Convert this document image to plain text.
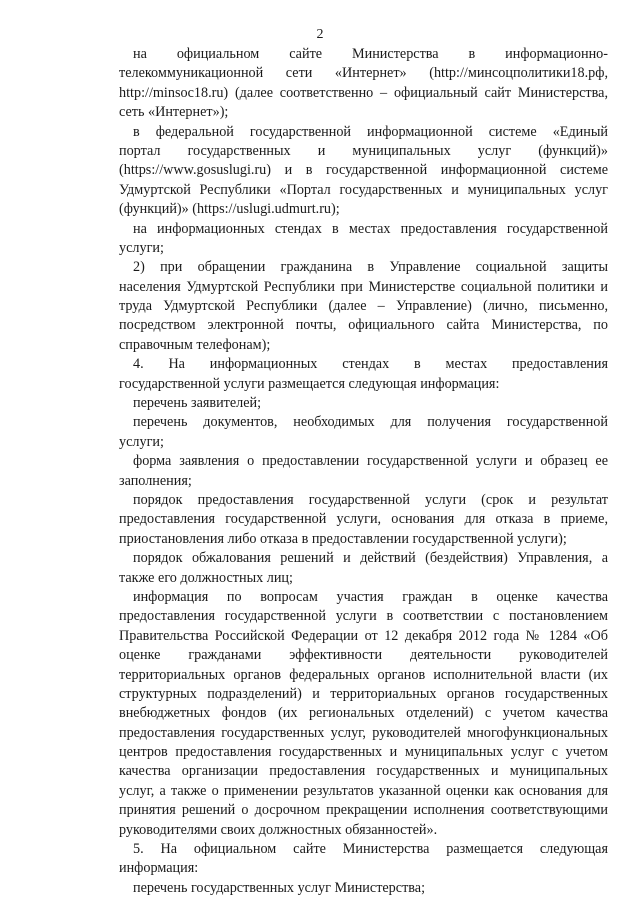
2
на официальном сайте Министерства в информационно-
телекоммуникационной сети «Интернет» (http://минсоцполитики18.рф,
http://minsoc18.ru) (далее соответственно – официальный сайт Министерства,
сеть «Интернет»);
в федеральной государственной информационной системе «Единый
портал государственных и муниципальных услуг (функций)»
(https://www.gosuslugi.ru) и в государственной информационной системе
Удмуртской Республики «Портал государственных и муниципальных услуг
(функций)» (https://uslugi.udmurt.ru);
на информационных стендах в местах предоставления государственной
услуги;
2) при обращении гражданина в Управление социальной защиты
населения Удмуртской Республики при Министерстве социальной политики и
труда Удмуртской Республики (далее – Управление) (лично, письменно,
посредством электронной почты, официального сайта Министерства, по
справочным телефонам);
4. На информационных стендах в местах предоставления
государственной услуги размещается следующая информация:
перечень заявителей;
перечень документов, необходимых для получения государственной
услуги;
форма заявления о предоставлении государственной услуги и образец ее
заполнения;
порядок предоставления государственной услуги (срок и результат
предоставления государственной услуги, основания для отказа в приеме,
приостановления либо отказа в предоставлении государственной услуги);
порядок обжалования решений и действий (бездействия) Управления, а
также его должностных лиц;
информация по вопросам участия граждан в оценке качества
предоставления государственной услуги в соответствии с постановлением
Правительства Российской Федерации от 12 декабря 2012 года № 1284 «Об
оценке гражданами эффективности деятельности руководителей
территориальных органов федеральных органов исполнительной власти (их
структурных подразделений) и территориальных органов государственных
внебюджетных фондов (их региональных отделений) с учетом качества
предоставления государственных услуг, руководителей многофункциональных
центров предоставления государственных и муниципальных услуг с учетом
качества организации предоставления государственных и муниципальных
услуг, а также о применении результатов указанной оценки как основания для
принятия решений о досрочном прекращении исполнения соответствующими
руководителями своих должностных обязанностей».
5. На официальном сайте Министерства размещается следующая
информация:
перечень государственных услуг Министерства;
